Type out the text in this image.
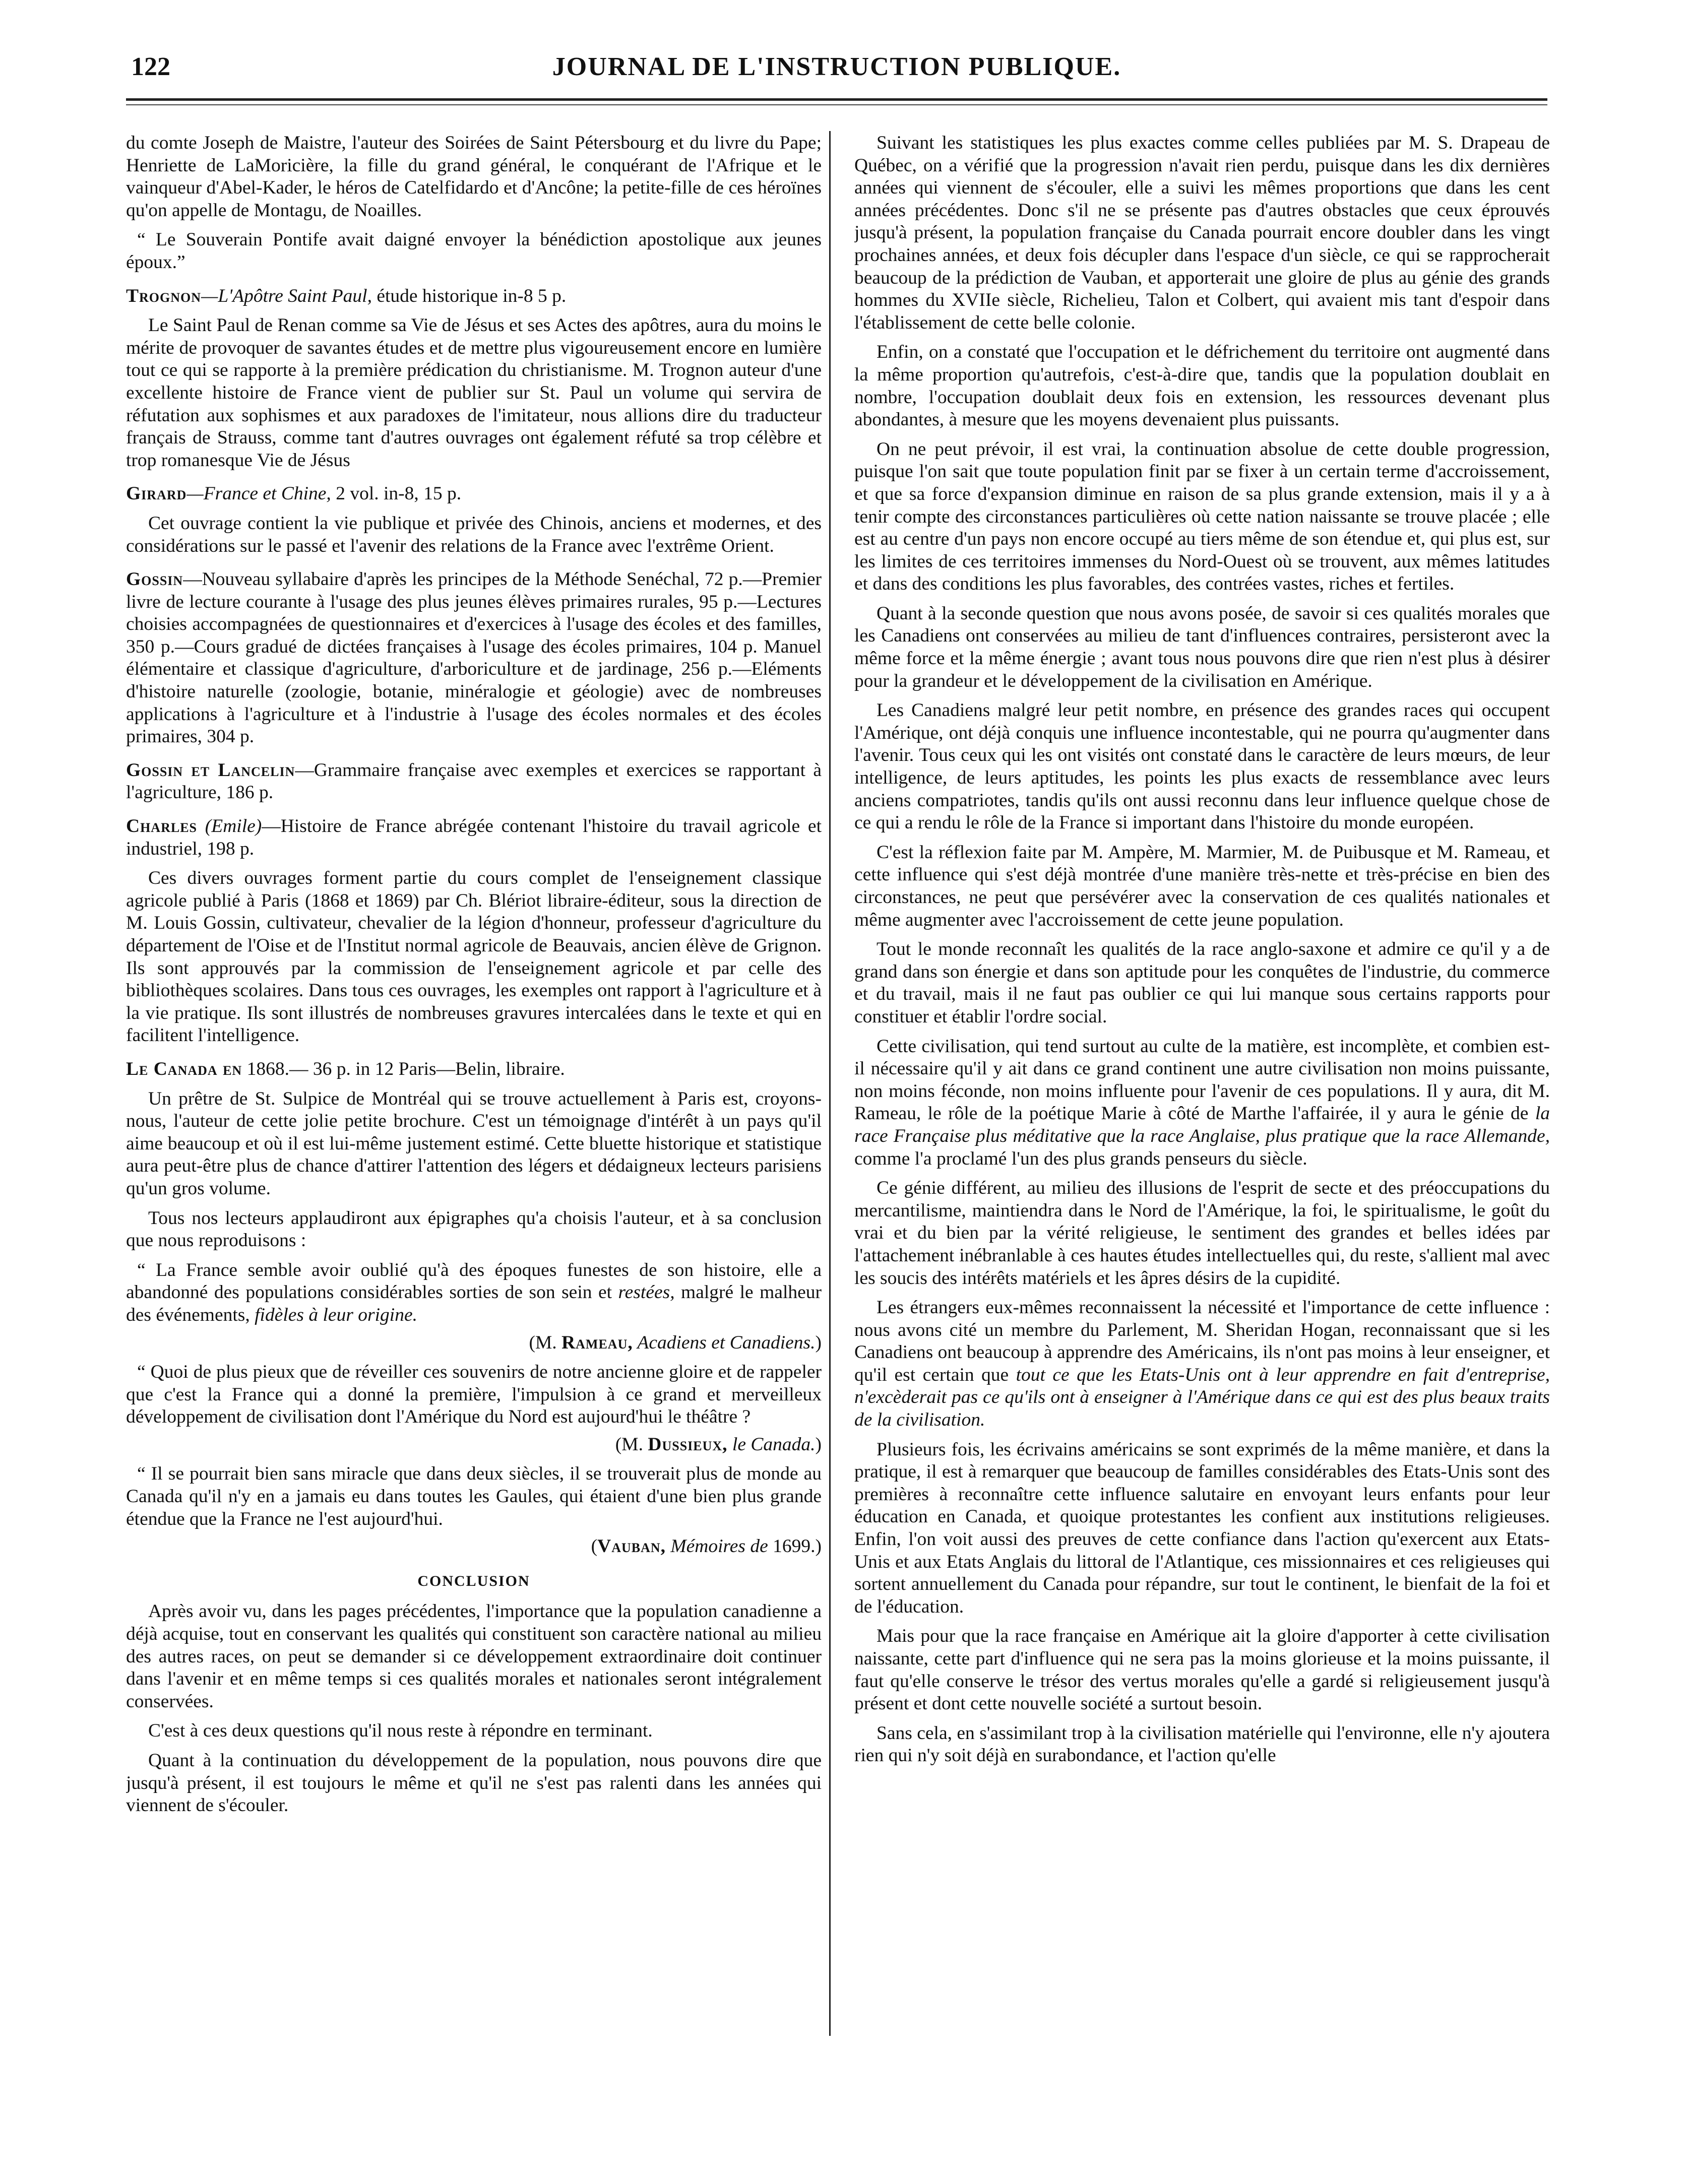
122	JOURNAL DE L'INSTRUCTION PUBLIQUE.

du comte Joseph de Maistre, l'auteur des Soirées de Saint Pétersbourg et du livre du Pape; Henriette de LaMoricière, la fille du grand général, le conquérant de l'Afrique et le vainqueur d'Abel-Kader, le héros de Catelfidardo et d'Ancône; la petite-fille de ces héroïnes qu'on appelle de Montagu, de Noailles.

“ Le Souverain Pontife avait daigné envoyer la bénédiction apostolique aux jeunes époux.”

Trognon—L'Apôtre Saint Paul, étude historique in-8 5 p.

Le Saint Paul de Renan comme sa Vie de Jésus et ses Actes des apôtres, aura du moins le mérite de provoquer de savantes études et de mettre plus vigoureusement encore en lumière tout ce qui se rapporte à la première prédication du christianisme. M. Trognon auteur d'une excellente histoire de France vient de publier sur St. Paul un volume qui servira de réfutation aux sophismes et aux paradoxes de l'imitateur, nous allions dire du traducteur français de Strauss, comme tant d'autres ouvrages ont également réfuté sa trop célèbre et trop romanesque Vie de Jésus

Girard—France et Chine, 2 vol. in-8, 15 p.

Cet ouvrage contient la vie publique et privée des Chinois, anciens et modernes, et des considérations sur le passé et l'avenir des relations de la France avec l'extrême Orient.

Gossin—Nouveau syllabaire d'après les principes de la Méthode Senéchal, 72 p.—Premier livre de lecture courante à l'usage des plus jeunes élèves primaires rurales, 95 p.—Lectures choisies accompagnées de questionnaires et d'exercices à l'usage des écoles et des familles, 350 p.—Cours gradué de dictées françaises à l'usage des écoles primaires, 104 p. Manuel élémentaire et classique d'agriculture, d'arboriculture et de jardinage, 256 p.—Eléments d'histoire naturelle (zoologie, botanie, minéralogie et géologie) avec de nombreuses applications à l'agriculture et à l'industrie à l'usage des écoles normales et des écoles primaires, 304 p.

Gossin et Lancelin—Grammaire française avec exemples et exercices se rapportant à l'agriculture, 186 p.

Charles (Emile)—Histoire de France abrégée contenant l'histoire du travail agricole et industriel, 198 p.

Ces divers ouvrages forment partie du cours complet de l'enseignement classique agricole publié à Paris (1868 et 1869) par Ch. Blériot libraire-éditeur, sous la direction de M. Louis Gossin, cultivateur, chevalier de la légion d'honneur, professeur d'agriculture du département de l'Oise et de l'Institut normal agricole de Beauvais, ancien élève de Grignon. Ils sont approuvés par la commission de l'enseignement agricole et par celle des bibliothèques scolaires. Dans tous ces ouvrages, les exemples ont rapport à l'agriculture et à la vie pratique. Ils sont illustrés de nombreuses gravures intercalées dans le texte et qui en facilitent l'intelligence.

Le Canada en 1868.— 36 p. in 12 Paris—Belin, libraire.

Un prêtre de St. Sulpice de Montréal qui se trouve actuellement à Paris est, croyons-nous, l'auteur de cette jolie petite brochure. C'est un témoignage d'intérêt à un pays qu'il aime beaucoup et où il est lui-même justement estimé. Cette bluette historique et statistique aura peut-être plus de chance d'attirer l'attention des légers et dédaigneux lecteurs parisiens qu'un gros volume.

Tous nos lecteurs applaudiront aux épigraphes qu'a choisis l'auteur, et à sa conclusion que nous reproduisons :

“ La France semble avoir oublié qu'à des époques funestes de son histoire, elle a abandonné des populations considérables sorties de son sein et restées, malgré le malheur des événements, fidèles à leur origine.

(M. Rameau, Acadiens et Canadiens.)

“ Quoi de plus pieux que de réveiller ces souvenirs de notre ancienne gloire et de rappeler que c'est la France qui a donné la première, l'impulsion à ce grand et merveilleux développement de civilisation dont l'Amérique du Nord est aujourd'hui le théâtre ?

(M. Dussieux, le Canada.)

“ Il se pourrait bien sans miracle que dans deux siècles, il se trouverait plus de monde au Canada qu'il n'y en a jamais eu dans toutes les Gaules, qui étaient d'une bien plus grande étendue que la France ne l'est aujourd'hui.

(Vauban, Mémoires de 1699.)

CONCLUSION

Après avoir vu, dans les pages précédentes, l'importance que la population canadienne a déjà acquise, tout en conservant les qualités qui constituent son caractère national au milieu des autres races, on peut se demander si ce développement extraordinaire doit continuer dans l'avenir et en même temps si ces qualités morales et nationales seront intégralement conservées.

C'est à ces deux questions qu'il nous reste à répondre en terminant.

Quant à la continuation du développement de la population, nous pouvons dire que jusqu'à présent, il est toujours le même et qu'il ne s'est pas ralenti dans les années qui viennent de s'écouler.

Suivant les statistiques les plus exactes comme celles publiées par M. S. Drapeau de Québec, on a vérifié que la progression n'avait rien perdu, puisque dans les dix dernières années qui viennent de s'écouler, elle a suivi les mêmes proportions que dans les cent années précédentes. Donc s'il ne se présente pas d'autres obstacles que ceux éprouvés jusqu'à présent, la population française du Canada pourrait encore doubler dans les vingt prochaines années, et deux fois décupler dans l'espace d'un siècle, ce qui se rapprocherait beaucoup de la prédiction de Vauban, et apporterait une gloire de plus au génie des grands hommes du XVIIe siècle, Richelieu, Talon et Colbert, qui avaient mis tant d'espoir dans l'établissement de cette belle colonie.

Enfin, on a constaté que l'occupation et le défrichement du territoire ont augmenté dans la même proportion qu'autrefois, c'est-à-dire que, tandis que la population doublait en nombre, l'occupation doublait deux fois en extension, les ressources devenant plus abondantes, à mesure que les moyens devenaient plus puissants.

On ne peut prévoir, il est vrai, la continuation absolue de cette double progression, puisque l'on sait que toute population finit par se fixer à un certain terme d'accroissement, et que sa force d'expansion diminue en raison de sa plus grande extension, mais il y a à tenir compte des circonstances particulières où cette nation naissante se trouve placée ; elle est au centre d'un pays non encore occupé au tiers même de son étendue et, qui plus est, sur les limites de ces territoires immenses du Nord-Ouest où se trouvent, aux mêmes latitudes et dans des conditions les plus favorables, des contrées vastes, riches et fertiles.

Quant à la seconde question que nous avons posée, de savoir si ces qualités morales que les Canadiens ont conservées au milieu de tant d'influences contraires, persisteront avec la même force et la même énergie ; avant tous nous pouvons dire que rien n'est plus à désirer pour la grandeur et le développement de la civilisation en Amérique.

Les Canadiens malgré leur petit nombre, en présence des grandes races qui occupent l'Amérique, ont déjà conquis une influence incontestable, qui ne pourra qu'augmenter dans l'avenir. Tous ceux qui les ont visités ont constaté dans le caractère de leurs mœurs, de leur intelligence, de leurs aptitudes, les points les plus exacts de ressemblance avec leurs anciens compatriotes, tandis qu'ils ont aussi reconnu dans leur influence quelque chose de ce qui a rendu le rôle de la France si important dans l'histoire du monde européen.

C'est la réflexion faite par M. Ampère, M. Marmier, M. de Puibusque et M. Rameau, et cette influence qui s'est déjà montrée d'une manière très-nette et très-précise en bien des circonstances, ne peut que persévérer avec la conservation de ces qualités nationales et même augmenter avec l'accroissement de cette jeune population.

Tout le monde reconnaît les qualités de la race anglo-saxone et admire ce qu'il y a de grand dans son énergie et dans son aptitude pour les conquêtes de l'industrie, du commerce et du travail, mais il ne faut pas oublier ce qui lui manque sous certains rapports pour constituer et établir l'ordre social.

Cette civilisation, qui tend surtout au culte de la matière, est incomplète, et combien est-il nécessaire qu'il y ait dans ce grand continent une autre civilisation non moins puissante, non moins féconde, non moins influente pour l'avenir de ces populations. Il y aura, dit M. Rameau, le rôle de la poétique Marie à côté de Marthe l'affairée, il y aura le génie de la race Française plus méditative que la race Anglaise, plus pratique que la race Allemande, comme l'a proclamé l'un des plus grands penseurs du siècle.

Ce génie différent, au milieu des illusions de l'esprit de secte et des préoccupations du mercantilisme, maintiendra dans le Nord de l'Amérique, la foi, le spiritualisme, le goût du vrai et du bien par la vérité religieuse, le sentiment des grandes et belles idées par l'attachement inébranlable à ces hautes études intellectuelles qui, du reste, s'allient mal avec les soucis des intérêts matériels et les âpres désirs de la cupidité.

Les étrangers eux-mêmes reconnaissent la nécessité et l'importance de cette influence : nous avons cité un membre du Parlement, M. Sheridan Hogan, reconnaissant que si les Canadiens ont beaucoup à apprendre des Américains, ils n'ont pas moins à leur enseigner, et qu'il est certain que tout ce que les Etats-Unis ont à leur apprendre en fait d'entreprise, n'excèderait pas ce qu'ils ont à enseigner à l'Amérique dans ce qui est des plus beaux traits de la civilisation.

Plusieurs fois, les écrivains américains se sont exprimés de la même manière, et dans la pratique, il est à remarquer que beaucoup de familles considérables des Etats-Unis sont des premières à reconnaître cette influence salutaire en envoyant leurs enfants pour leur éducation en Canada, et quoique protestantes les confient aux institutions religieuses. Enfin, l'on voit aussi des preuves de cette confiance dans l'action qu'exercent aux Etats-Unis et aux Etats Anglais du littoral de l'Atlantique, ces missionnaires et ces religieuses qui sortent annuellement du Canada pour répandre, sur tout le continent, le bienfait de la foi et de l'éducation.

Mais pour que la race française en Amérique ait la gloire d'apporter à cette civilisation naissante, cette part d'influence qui ne sera pas la moins glorieuse et la moins puissante, il faut qu'elle conserve le trésor des vertus morales qu'elle a gardé si religieusement jusqu'à présent et dont cette nouvelle société a surtout besoin.

Sans cela, en s'assimilant trop à la civilisation matérielle qui l'environne, elle n'y ajoutera rien qui n'y soit déjà en surabondance, et l'action qu'elle
